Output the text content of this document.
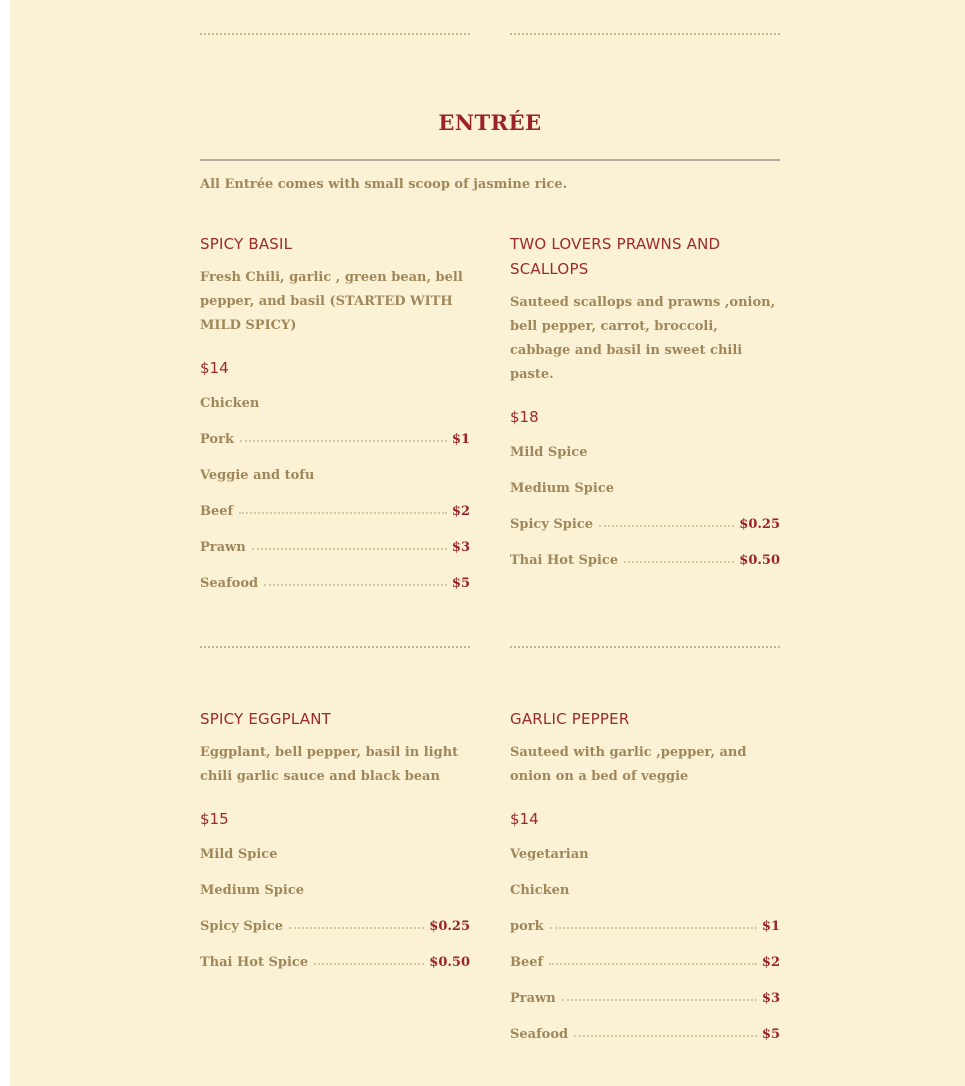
ENTRÉE
All Entrée comes with small scoop of jasmine rice.
SPICY BASIL
Fresh Chili, garlic , green bean, bell pepper, and basil (STARTED WITH MILD SPICY)
$14
Chicken
Pork	$1
Veggie and tofu
Beef	$2
Prawn	$3
Seafood	$5
TWO LOVERS PRAWNS AND SCALLOPS
Sauteed scallops and prawns ,onion, bell pepper, carrot, broccoli, cabbage and basil in sweet chili paste.
$18
Mild Spice
Medium Spice
Spicy Spice	$0.25
Thai Hot Spice	$0.50
SPICY EGGPLANT
Eggplant, bell pepper, basil in light chili garlic sauce and black bean
$15
Mild Spice
Medium Spice
Spicy Spice	$0.25
Thai Hot Spice	$0.50
GARLIC PEPPER
Sauteed with garlic ,pepper, and onion on a bed of veggie
$14
Vegetarian
Chicken
pork	$1
Beef	$2
Prawn	$3
Seafood	$5
